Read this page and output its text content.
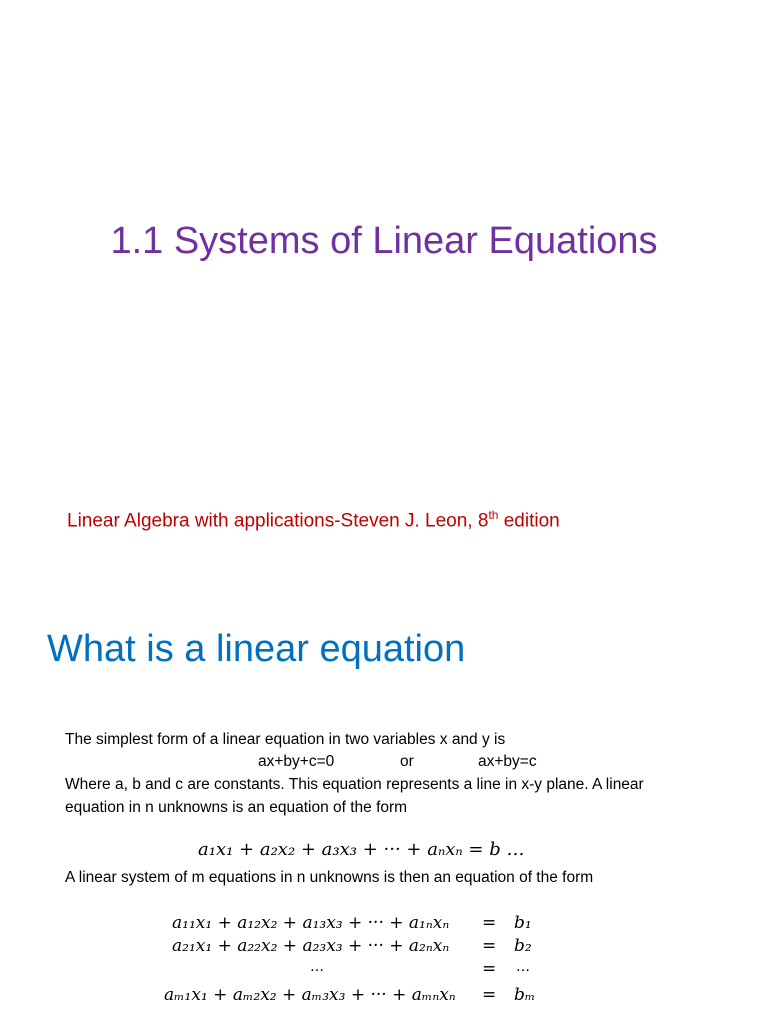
1.1 Systems of Linear Equations
Linear Algebra with applications-Steven J. Leon, 8th edition
What is a linear equation
The simplest form of a linear equation in two variables x and y is
ax+by+c=0	or	ax+by=c
Where a, b and c are constants. This equation represents a line in x-y plane. A linear
equation in n unknowns is an equation of the form
a₁x₁ + a₂x₂ + a₃x₃ + ··· + aₙxₙ = b …
A linear system of m equations in n unknowns is then an equation of the form
a₁₁x₁ + a₁₂x₂ + a₁₃x₃ + ··· + a₁ₙxₙ = b₁
a₂₁x₁ + a₂₂x₂ + a₂₃x₃ + ··· + a₂ₙxₙ = b₂
…	= …
aₘ₁x₁ + aₘ₂x₂ + aₘ₃x₃ + ··· + aₘₙxₙ = bₘ
